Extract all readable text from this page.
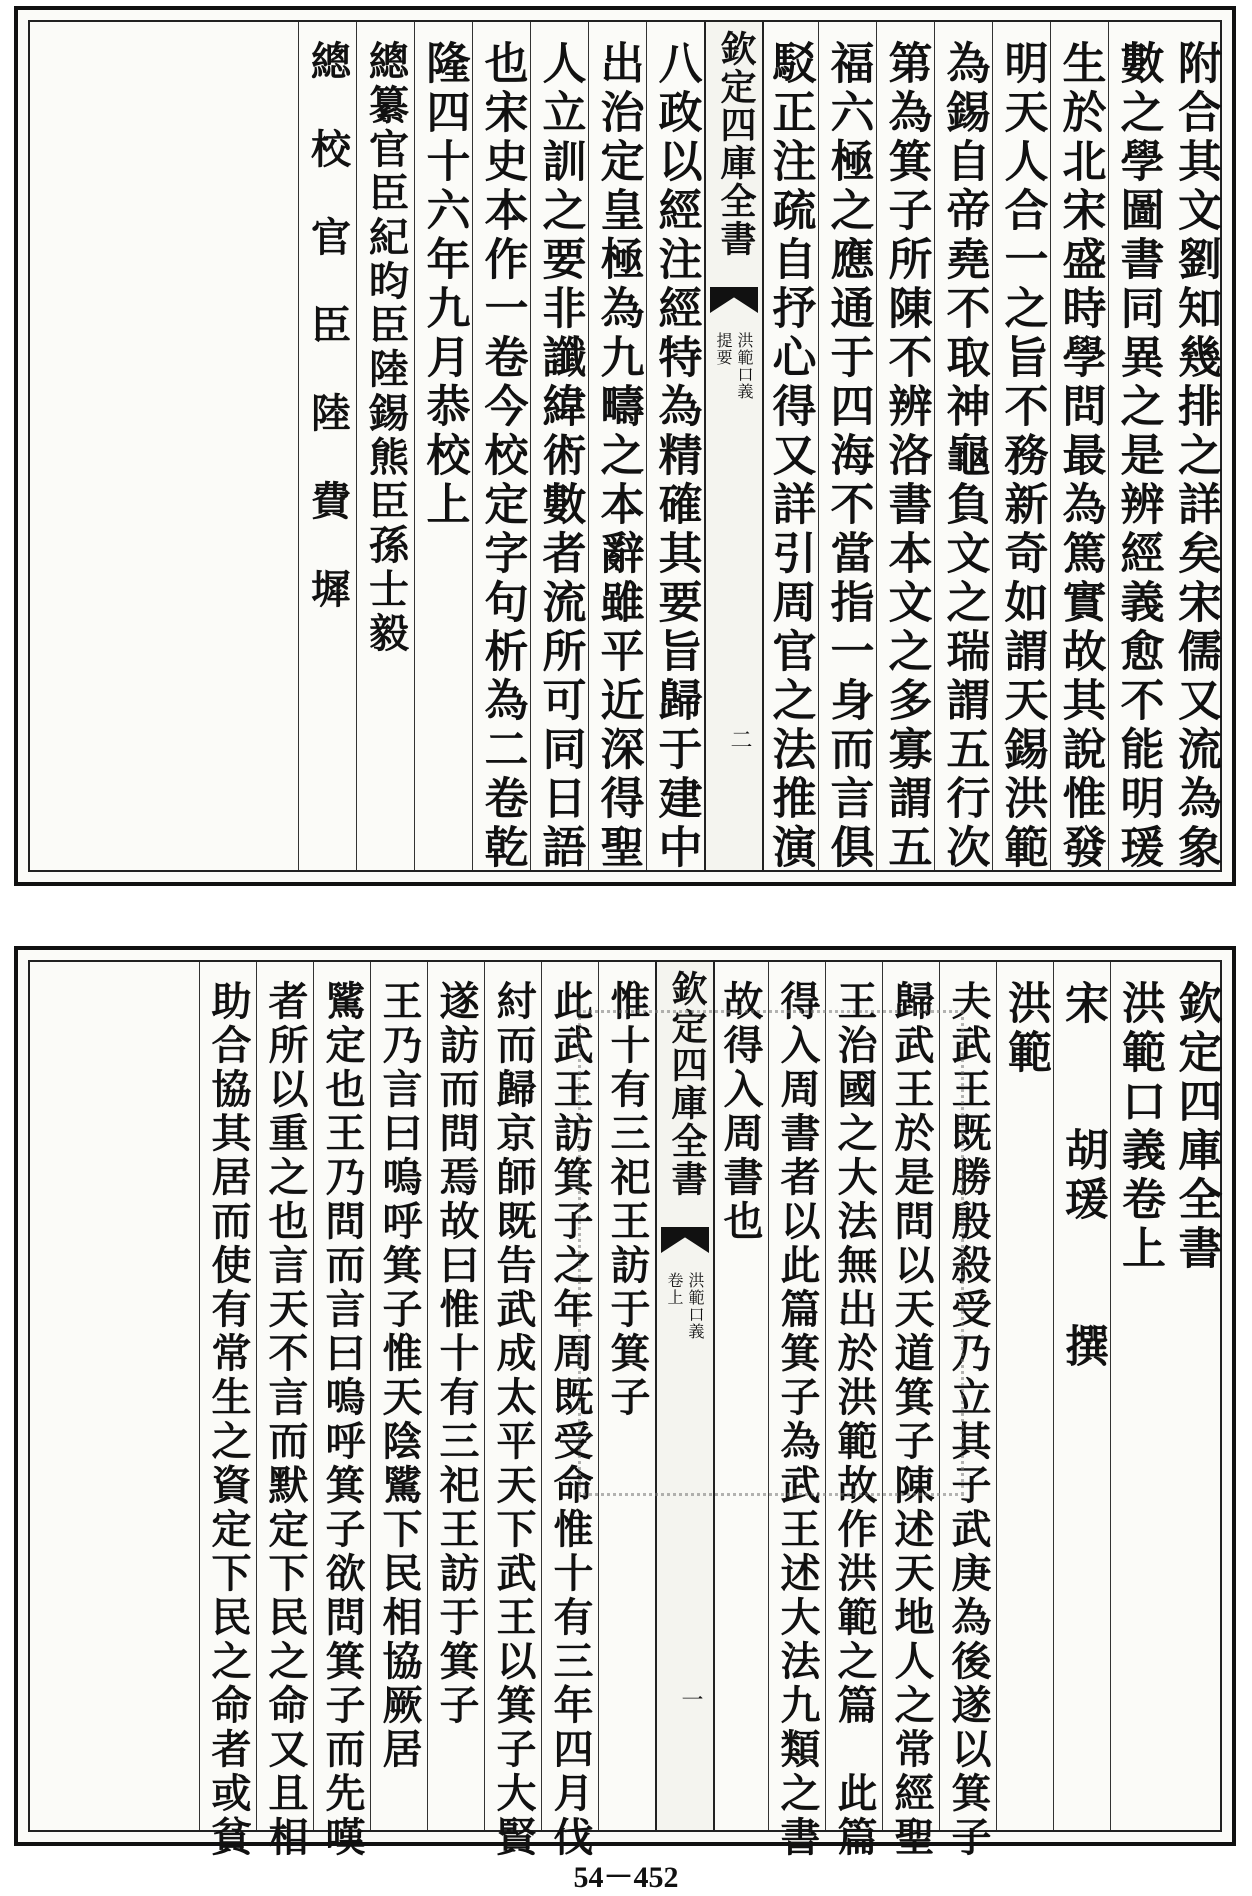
附合其文劉知幾排之詳矣宋儒又流為象
數之學圖書同異之是辨經義愈不能明瑗
生於北宋盛時學問最為篤實故其說惟發
明天人合一之旨不務新奇如謂天錫洪範
為錫自帝堯不取神龜負文之瑞謂五行次
第為箕子所陳不辨洛書本文之多寡謂五
福六極之應通于四海不當指一身而言俱
駁正注疏自抒心得又詳引周官之法推演
欽定四庫全書
洪範口義
提要
二
八政以經注經特為精確其要旨歸于建中
出治定皇極為九疇之本辭雖平近深得聖
人立訓之要非讖緯術數者流所可同日語
也宋史本作一卷今校定字句析為二卷乾
隆四十六年九月恭校上
總纂官臣紀昀臣陸錫熊臣孫士毅
總　校　官　臣　陸　費　墀
欽定四庫全書
洪範口義卷上
宋　　胡瑗　　撰
洪範
夫武王既勝殷殺受乃立其子武庚為後遂以箕子
歸武王於是問以天道箕子陳述天地人之常經聖
王治國之大法無出於洪範故作洪範之篇　此篇
得入周書者以此篇箕子為武王述大法九類之書
故得入周書也
欽定四庫全書
洪範口義
卷上
一
惟十有三祀王訪于箕子
此武王訪箕子之年周既受命惟十有三年四月伐
紂而歸京師既告武成太平天下武王以箕子大賢
遂訪而問焉故曰惟十有三祀王訪于箕子
王乃言曰嗚呼箕子惟天陰騭下民相協厥居
騭定也王乃問而言曰嗚呼箕子欲問箕子而先嘆
者所以重之也言天不言而默定下民之命又且相
助合協其居而使有常生之資定下民之命者或貧
54－452
